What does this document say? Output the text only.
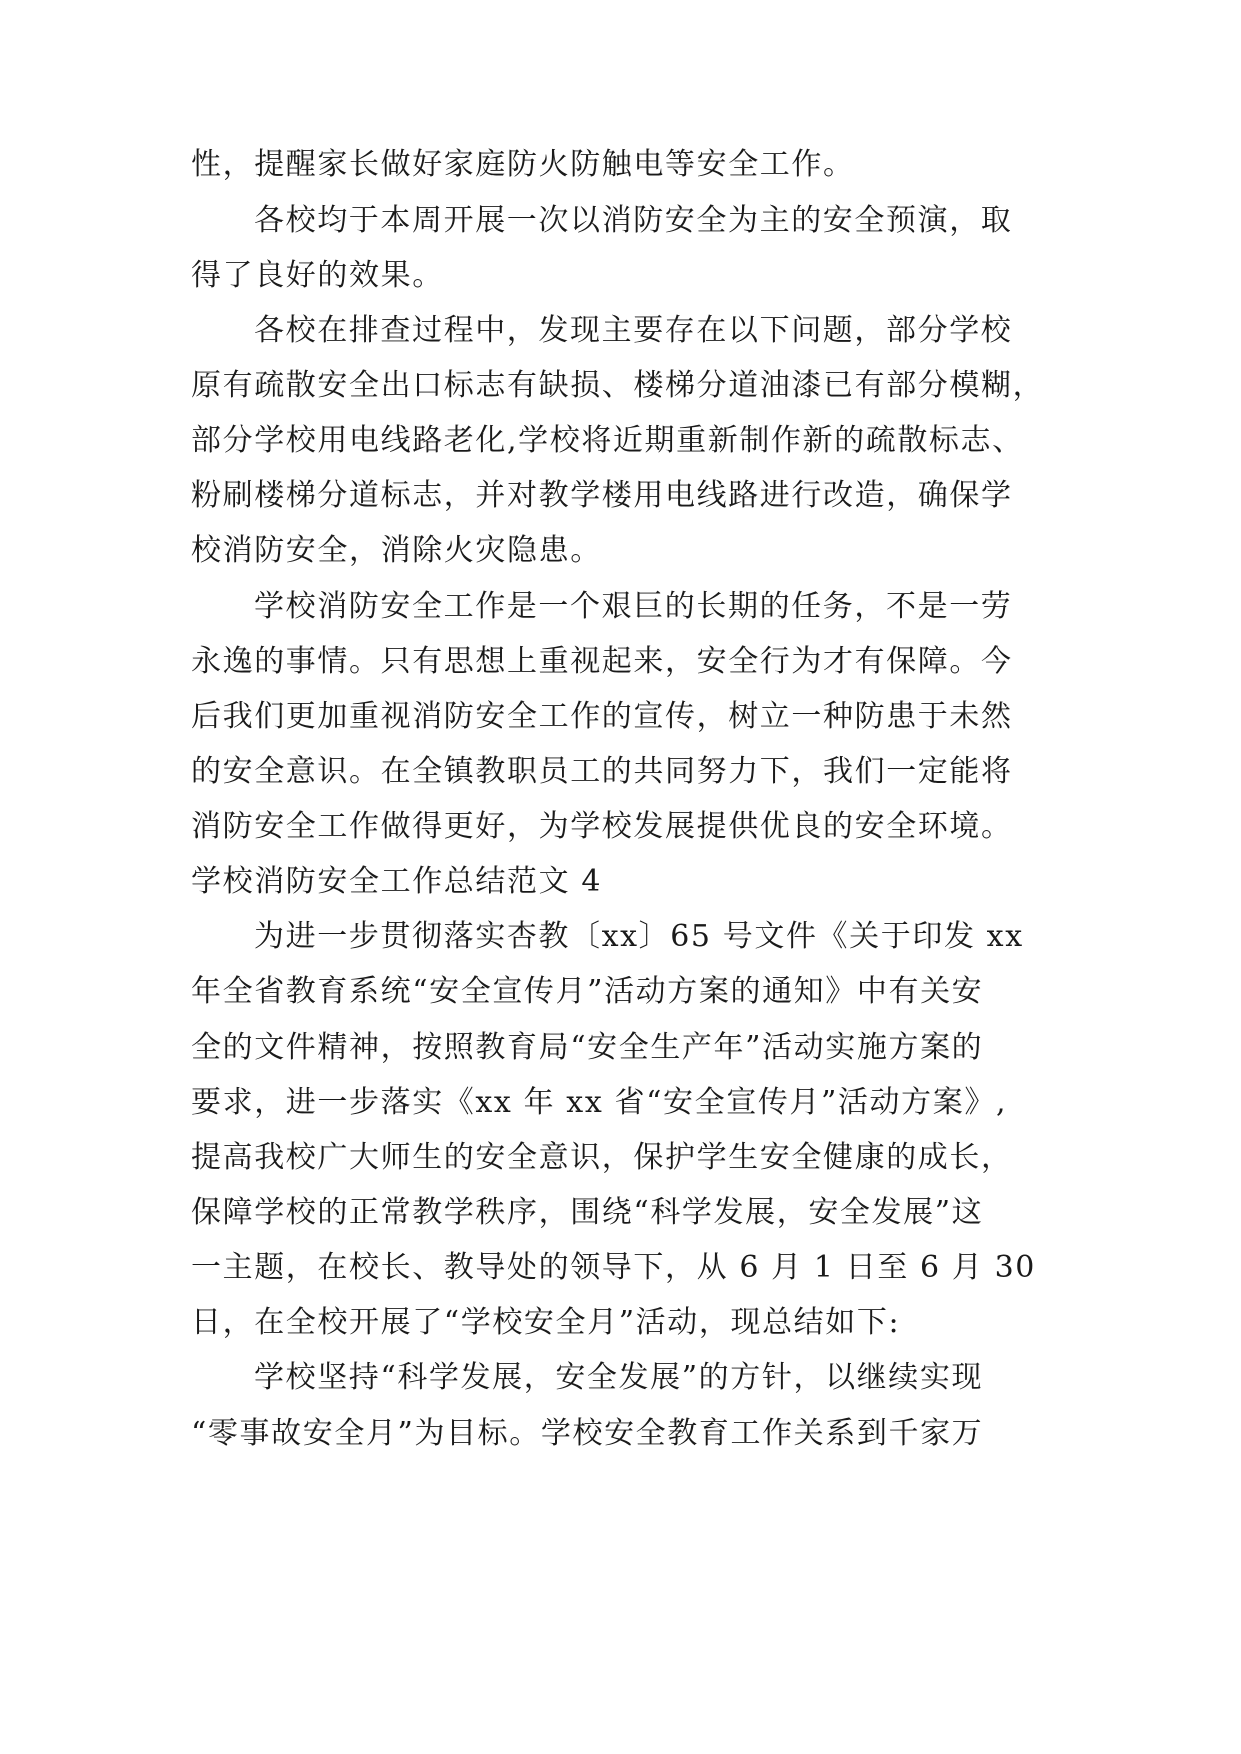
性，提醒家长做好家庭防火防触电等安全工作。
各校均于本周开展一次以消防安全为主的安全预演，取
得了良好的效果。
各校在排查过程中，发现主要存在以下问题，部分学校
原有疏散安全出口标志有缺损、楼梯分道油漆已有部分模糊，
部分学校用电线路老化,学校将近期重新制作新的疏散标志、
粉刷楼梯分道标志，并对教学楼用电线路进行改造，确保学
校消防安全，消除火灾隐患。
学校消防安全工作是一个艰巨的长期的任务，不是一劳
永逸的事情。只有思想上重视起来，安全行为才有保障。今
后我们更加重视消防安全工作的宣传，树立一种防患于未然
的安全意识。在全镇教职员工的共同努力下，我们一定能将
消防安全工作做得更好，为学校发展提供优良的安全环境。
学校消防安全工作总结范文 4
为进一步贯彻落实杏教〔xx〕65 号文件《关于印发 xx
年全省教育系统“安全宣传月”活动方案的通知》中有关安
全的文件精神，按照教育局“安全生产年”活动实施方案的
要求，进一步落实《xx 年 xx 省“安全宣传月”活动方案》,
提高我校广大师生的安全意识，保护学生安全健康的成长，
保障学校的正常教学秩序，围绕“科学发展，安全发展”这
一主题，在校长、教导处的领导下，从 6 月 1 日至 6 月 30
日，在全校开展了“学校安全月”活动，现总结如下:
学校坚持“科学发展，安全发展”的方针，以继续实现
“零事故安全月”为目标。学校安全教育工作关系到千家万
